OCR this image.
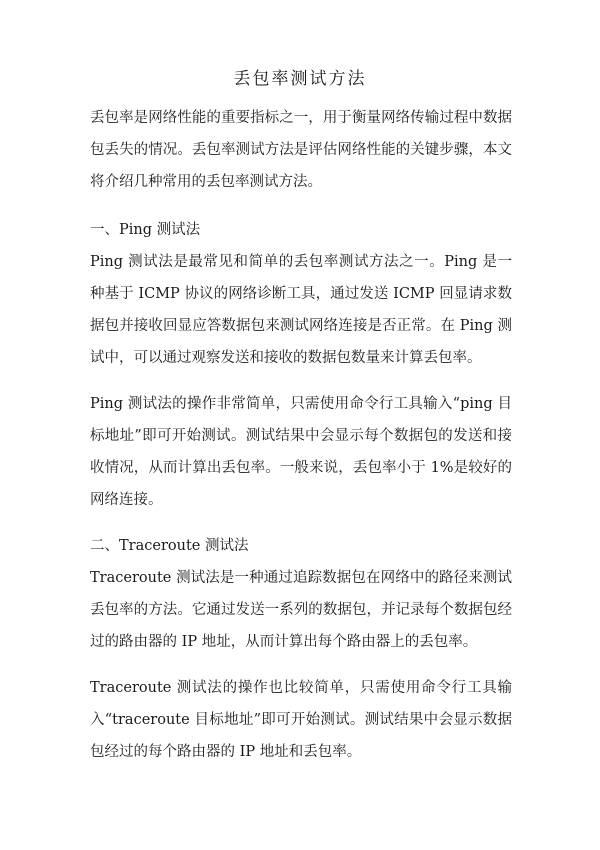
丢包率测试方法

丢包率是网络性能的重要指标之一，用于衡量网络传输过程中数据包丢失的情况。丢包率测试方法是评估网络性能的关键步骤，本文将介绍几种常用的丢包率测试方法。

一、Ping 测试法

Ping 测试法是最常见和简单的丢包率测试方法之一。Ping 是一种基于 ICMP 协议的网络诊断工具，通过发送 ICMP 回显请求数据包并接收回显应答数据包来测试网络连接是否正常。在 Ping 测试中，可以通过观察发送和接收的数据包数量来计算丢包率。

Ping 测试法的操作非常简单，只需使用命令行工具输入“ping 目标地址”即可开始测试。测试结果中会显示每个数据包的发送和接收情况，从而计算出丢包率。一般来说，丢包率小于 1%是较好的网络连接。

二、Traceroute 测试法

Traceroute 测试法是一种通过追踪数据包在网络中的路径来测试丢包率的方法。它通过发送一系列的数据包，并记录每个数据包经过的路由器的 IP 地址，从而计算出每个路由器上的丢包率。

Traceroute 测试法的操作也比较简单，只需使用命令行工具输入“traceroute 目标地址”即可开始测试。测试结果中会显示数据包经过的每个路由器的 IP 地址和丢包率。
